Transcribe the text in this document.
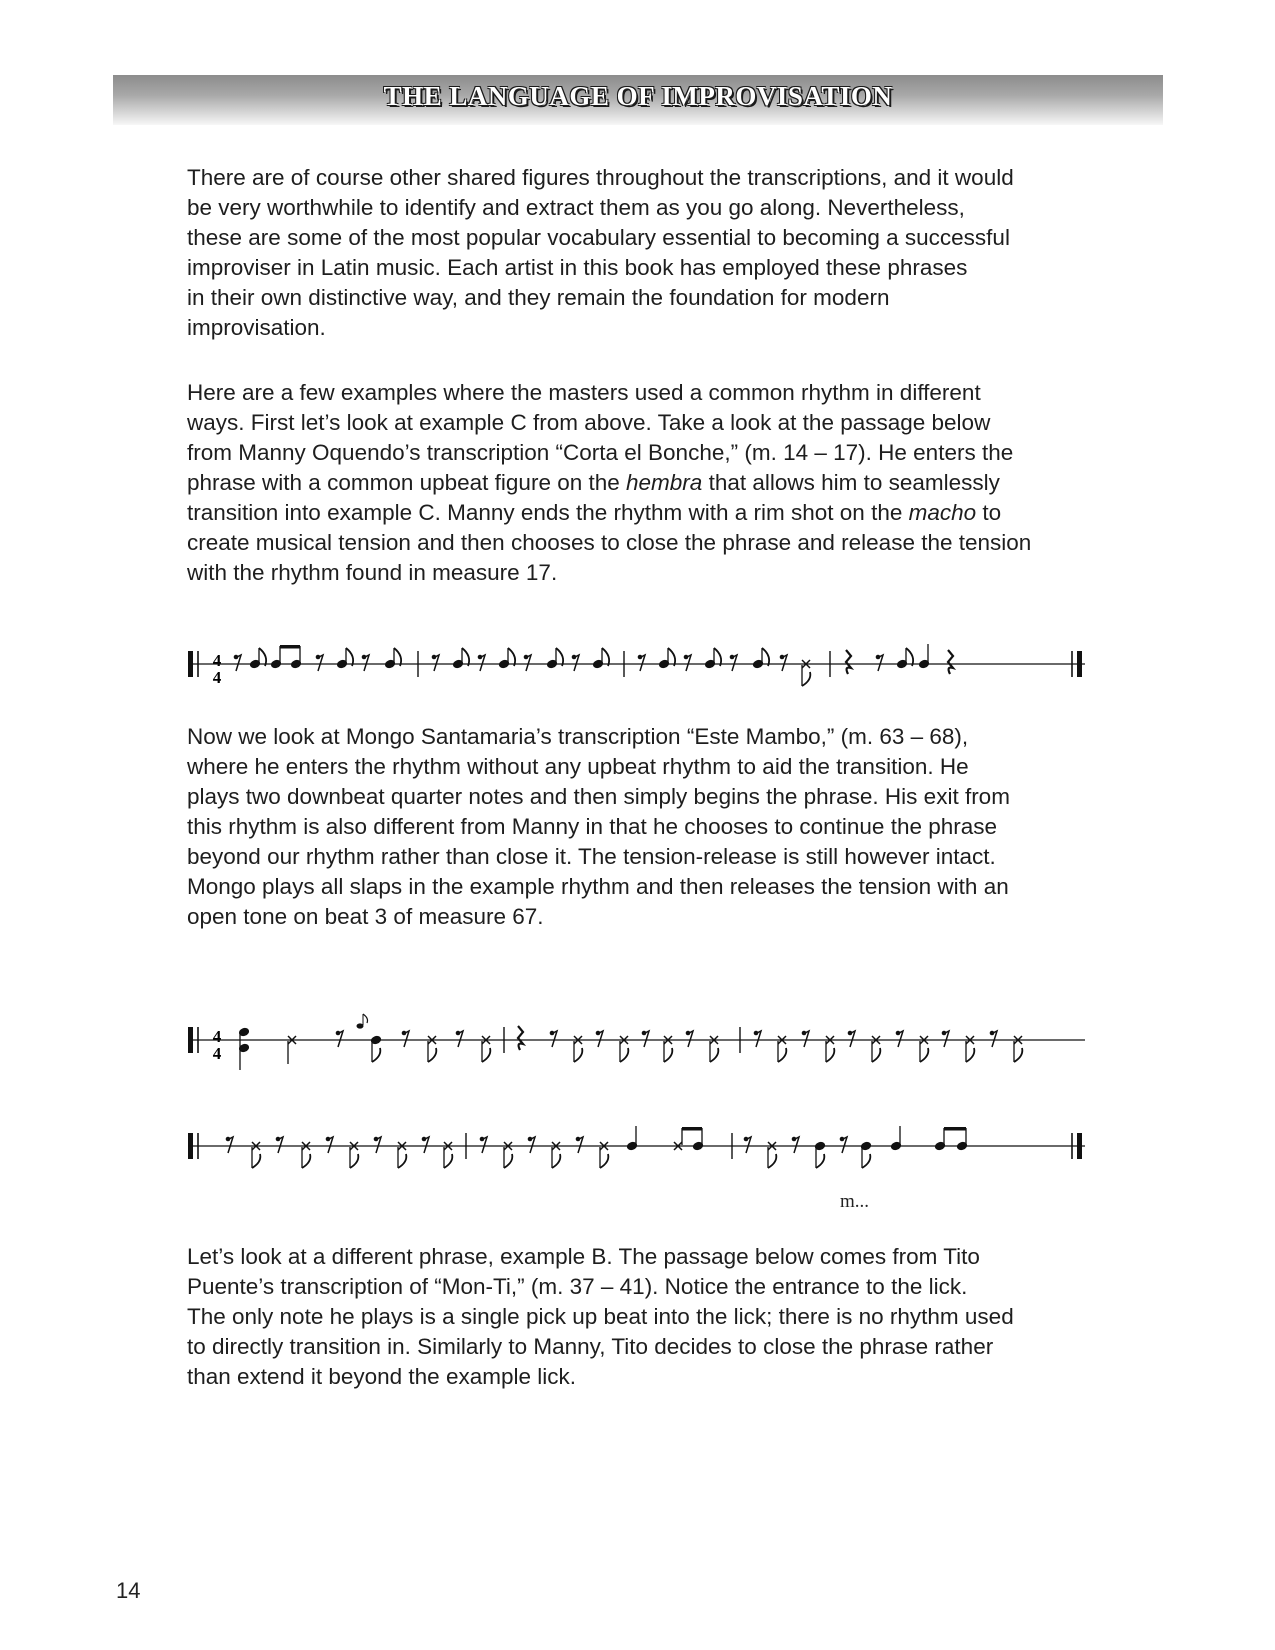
THE LANGUAGE OF IMPROVISATION
There are of course other shared figures throughout the transcriptions, and it would
be very worthwhile to identify and extract them as you go along. Nevertheless,
these are some of the most popular vocabulary essential to becoming a successful
improviser in Latin music. Each artist in this book has employed these phrases
in their own distinctive way, and they remain the foundation for modern
improvisation.
Here are a few examples where the masters used a common rhythm in different
ways. First let’s look at example C from above. Take a look at the passage below
from Manny Oquendo’s transcription “Corta el Bonche,” (m. 14 – 17). He enters the
phrase with a common upbeat figure on the hembra that allows him to seamlessly
transition into example C. Manny ends the rhythm with a rim shot on the macho to
create musical tension and then chooses to close the phrase and release the tension
with the rhythm found in measure 17.
4
4
Now we look at Mongo Santamaria’s transcription “Este Mambo,” (m. 63 – 68),
where he enters the rhythm without any upbeat rhythm to aid the transition. He
plays two downbeat quarter notes and then simply begins the phrase. His exit from
this rhythm is also different from Manny in that he chooses to continue the phrase
beyond our rhythm rather than close it. The tension-release is still however intact.
Mongo plays all slaps in the example rhythm and then releases the tension with an
open tone on beat 3 of measure 67.
4
4
m...
Let’s look at a different phrase, example B. The passage below comes from Tito
Puente’s transcription of “Mon-Ti,” (m. 37 – 41). Notice the entrance to the lick.
The only note he plays is a single pick up beat into the lick; there is no rhythm used
to directly transition in. Similarly to Manny, Tito decides to close the phrase rather
than extend it beyond the example lick.
14
